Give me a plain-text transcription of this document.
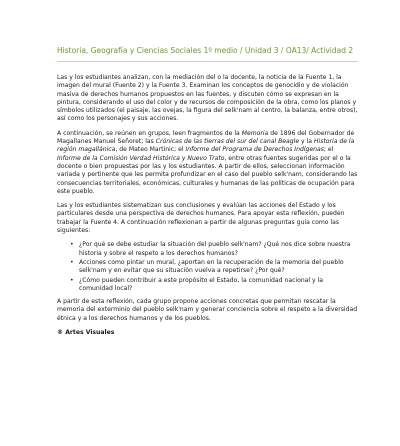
Historia, Geografía y Ciencias Sociales 1º medio / Unidad 3 / OA13/ Actividad 2

Las y los estudiantes analizan, con la mediación del o la docente, la noticia de la Fuente 1, la imagen del mural (Fuente 2) y la Fuente 3. Examinan los conceptos de genocidio y de violación masiva de derechos humanos propuestos en las fuentes, y discuten cómo se expresan en la pintura, considerando el uso del color y de recursos de composición de la obra, como los planos y símbolos utilizados (el paisaje, las ovejas, la figura del selk'nam al centro, la balanza, entre otros), así como los personajes y sus acciones.

A continuación, se reúnen en grupos, leen fragmentos de la Memoria de 1896 del Gobernador de Magallanes Manuel Señoret; las Crónicas de las tierras del sur del canal Beagle y la Historia de la región magallánica, de Mateo Martinic; el Informe del Programa de Derechos Indígenas; el Informe de la Comisión Verdad Histórica y Nuevo Trato, entre otras fuentes sugeridas por el o la docente o bien propuestas por las y los estudiantes. A partir de ellos, seleccionan información variada y pertinente que les permita profundizar en el caso del pueblo selk'nam, considerando las consecuencias territoriales, económicas, culturales y humanas de las políticas de ocupación para este pueblo.

Las y los estudiantes sistematizan sus conclusiones y evalúan las acciones del Estado y los particulares desde una perspectiva de derechos humanos. Para apoyar esta reflexión, pueden trabajar la Fuente 4. A continuación reflexionan a partir de algunas preguntas guía como las siguientes:

• ¿Por qué se debe estudiar la situación del pueblo selk'nam? ¿Qué nos dice sobre nuestra historia y sobre el respeto a los derechos humanos?
• Acciones como pintar un mural, ¿aportan en la recuperación de la memoria del pueblo selk'nam y en evitar que su situación vuelva a repetirse? ¿Por qué?
• ¿Cómo pueden contribuir a este propósito el Estado, la comunidad nacional y la comunidad local?

A partir de esta reflexión, cada grupo propone acciones concretas que permitan rescatar la memoria del exterminio del pueblo selk'nam y generar conciencia sobre el respeto a la diversidad étnica y a los derechos humanos y de los pueblos.

® Artes Visuales
